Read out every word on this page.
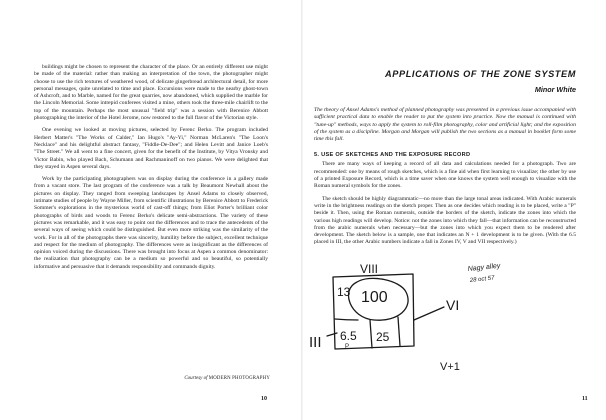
buildings might be chosen to represent the character of the place. Or an entirely different use might be made of the material: rather than making an interpretation of the town, the photographer might choose to use the rich textures of weathered wood, of delicate gingerbread architectural detail, for more personal messages, quite unrelated to time and place. Excursions were made to the nearby ghost-town of Ashcroft, and to Marble, named for the great quarries, now abandoned, which supplied the marble for the Lincoln Memorial. Some intrepid conferees visited a mine, others took the three-mile chairlift to the top of the mountain. Perhaps the most unusual "field trip" was a session with Berenice Abbott photographing the interior of the Hotel Jerome, now restored to the full flavor of the Victorian style.

One evening we looked at moving pictures, selected by Ferenc Berko. The program included Herbert Matter's "The Works of Calder," Ian Hugo's "Ay-Yi," Norman McLaren's "The Loon's Necklace" and his delightful abstract fantasy, "Fiddle-De-Dee"; and Helen Levitt and Janice Loeb's "The Street." We all went to a fine concert, given for the benefit of the Institute, by Vitya Vronsky and Victor Babin, who played Bach, Schumann and Rachmaninoff on two pianos. We were delighted that they stayed in Aspen several days.

Work by the participating photographers was on display during the conference in a gallery made from a vacant store. The last program of the conference was a talk by Beaumont Newhall about the pictures on display. They ranged from sweeping landscapes by Ansel Adams to closely observed, intimate studies of people by Wayne Miller, from scientific illustrations by Berenice Abbott to Frederick Sommer's explorations in the mysterious world of cast-off things; from Eliot Porter's brilliant color photographs of birds and woods to Ferenc Berko's delicate semi-abstractions. The variety of these pictures was remarkable, and it was easy to point out the differences and to trace the antecedents of the several ways of seeing which could be distinguished. But even more striking was the similarity of the work. For in all of the photographs there was sincerity, humility before the subject, excellent technique and respect for the medium of photography. The differences were as insignificant as the differences of opinion voiced during the discussions. There was brought into focus at Aspen a common denominator: the realization that photography can be a medium so powerful and so beautiful, so potentially informative and persuasive that it demands responsibility and commands dignity.

Courtesy of MODERN PHOTOGRAPHY
10
APPLICATIONS OF THE ZONE SYSTEM
Minor White

The theory of Ansel Adams's method of planned photography was presented in a previous issue accompanied with sufficient practical data to enable the reader to put the system into practice. Now the manual is continued with "tune-up" methods, ways to apply the system to roll-film photography, color and artificial light; and the exposition of the system as a discipline. Morgan and Morgan will publish the two sections as a manual in booklet form some time this fall.

5. USE OF SKETCHES AND THE EXPOSURE RECORD

There are many ways of keeping a record of all data and calculations needed for a photograph. Two are recommended: one by means of rough sketches, which is a fine aid when first learning to visualize; the other by use of a printed Exposure Record, which is a time saver when one knows the system well enough to visualize with the Roman numeral symbols for the zones.

The sketch should be highly diagrammatic—no more than the large tonal areas indicated. With Arabic numerals write in the brightness readings on the sketch proper. Then as one decides which reading is to be placed, write a "P" beside it. Then, using the Roman numerals, outside the borders of the sketch, indicate the zones into which the various high readings will develop. Notice: not the zones into which they fall—that information can be reconstructed from the arabic numerals when necessary—but the zones into which you expect them to be rendered after development. The sketch below is a sample, one that indicates an N + 1 development is to be given. (With the 6.5 placed in III, the other Arabic numbers indicate a fall in Zones IV, V and VII respectively.)

11
100
13
6.5 25
P
VIII
VI
III
V+1
Nagy alley
28 oct 57
